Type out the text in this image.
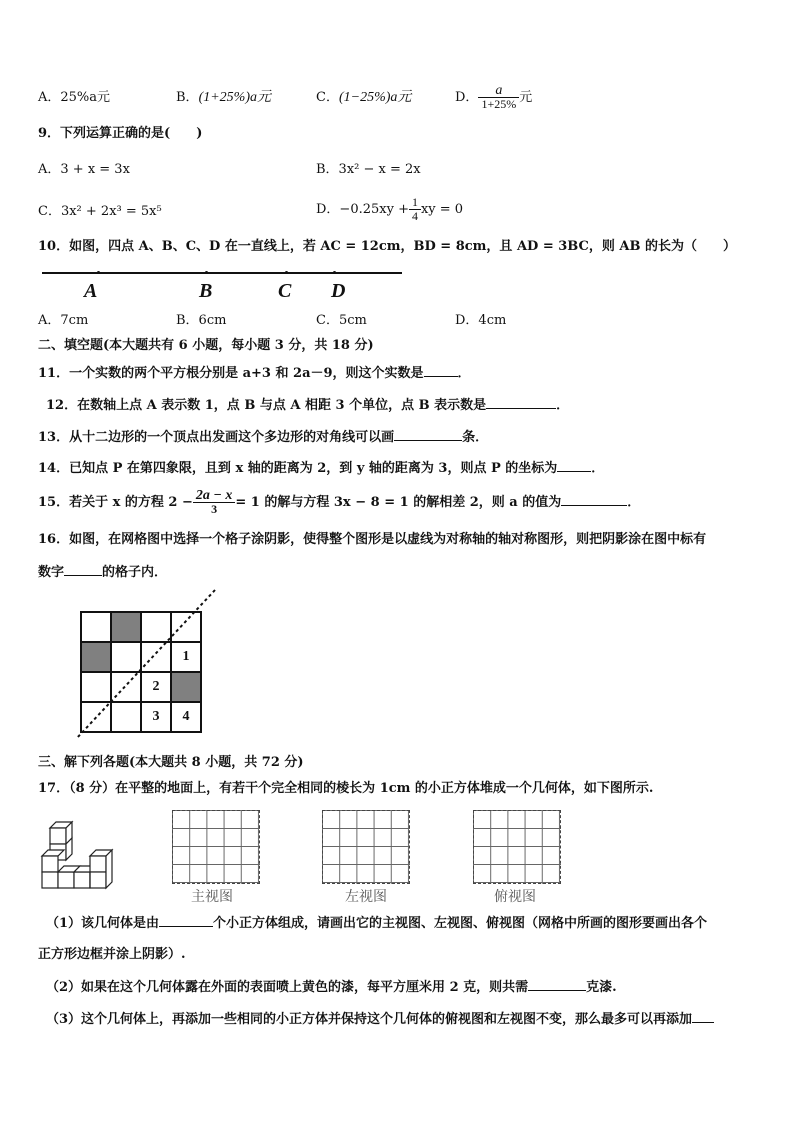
A．25%a元	B．(1+25%)a元	C．(1−25%)a元	D． $\frac{a}{1+25\%}$ 元
9．下列运算正确的是(　　)
A．3 + x = 3x	B．3x² − x = 2x
C．3x² + 2x³ = 5x⁵	D．$-0.25xy + \frac{1}{4}$ xy = 0
10．如图，四点 A、B、C、D 在一直线上，若 AC = 12cm，BD = 8cm，且 AD = 3BC，则 AB 的长为（　　）
A	B	C D
A．7cm	B．6cm	C．5cm	D．4cm
二、填空题(本大题共有 6 小题，每小题 3 分，共 18 分)
11．一个实数的两个平方根分别是 a+3 和 2a－9，则这个实数是	．
12．在数轴上点 A 表示数 1，点 B 与点 A 相距 3 个单位，点 B 表示数是	．
13．从十二边形的一个顶点出发画这个多边形的对角线可以画	条．
14．已知点 P 在第四象限，且到 x 轴的距离为 2，到 y 轴的距离为 3，则点 P 的坐标为	．
15．若关于 x 的方程 $2 - \frac{2a - x}{3} = 1$ 的解与方程 3x − 8 = 1 的解相差 2，则 a 的值为	．
16．如图，在网格图中选择一个格子涂阴影，使得整个图形是以虚线为对称轴的轴对称图形，则把阴影涂在图中标有
数字	的格子内．

			1
		2	
		3	4
三、解下列各题(本大题共 8 小题，共 72 分)
17．（8 分）在平整的地面上，有若干个完全相同的棱长为 1cm 的小正方体堆成一个几何体，如下图所示.
主视图	左视图	俯视图
（1）该几何体是由	个小正方体组成，请画出它的主视图、左视图、俯视图（网格中所画的图形要画出各个
正方形边框并涂上阴影）.
（2）如果在这个几何体露在外面的表面喷上黄色的漆，每平方厘米用 2 克，则共需	克漆.
（3）这个几何体上，再添加一些相同的小正方体并保持这个几何体的俯视图和左视图不变，那么最多可以再添加
